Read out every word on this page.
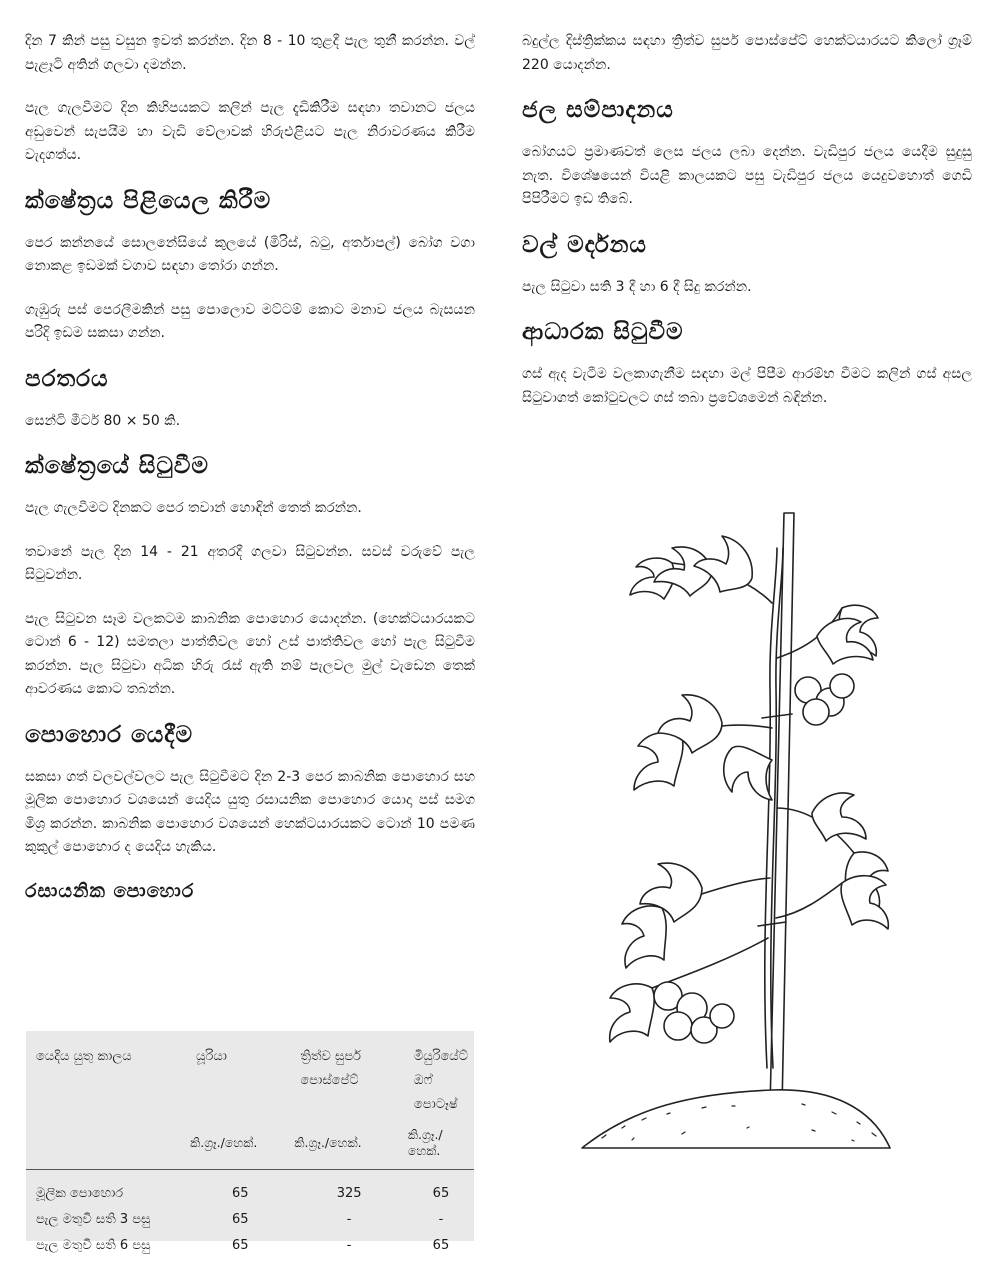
දින 7 කින් පසු වසුන ඉවත් කරන්න. දින 8 - 10 තුළදී පැල තුනී කරන්න. වල් පැළෑටි අතින් ගලවා දමන්න.

පැල ගැලවීමට දින කිහිපයකට කලින් පැල දැඩිකිරීම සඳහා තවානට ජලය අඩුවෙන් සැපයීම හා වැඩි වේලාවක් හිරුඑළියට පැල නිරාවරණය කිරීම වැදගත්ය.

ක්ෂේත්‍රය පිළියෙල කිරීම

පෙර කන්නයේ සොලනේසියේ කුලයේ (මිරිස්, බටු, අර්තාපල්) බෝග වගා නොකළ ඉඩමක් වගාව සඳහා තෝරා ගන්න.

ගැඹුරු පස් පෙරලීමකින් පසු පොලොව මට්ටම් කොට මනාව ජලය බැසයන පරිදි ඉඩම සකසා ගන්න.

පරතරය

සෙන්ටි මීටර් 80 × 50 කි.

ක්ෂේත්‍රයේ සිටුවීම

පැල ගැලවීමට දිනකට පෙර තවාන් හොඳින් තෙත් කරන්න.

තවානේ පැල දින 14 - 21 අතරදී ගලවා සිටුවන්න. සවස් වරුවේ පැල සිටුවන්න.

පැල සිටුවන සෑම වලකටම කාබනික පොහොර යොදන්න. (හෙක්ටයාරයකට ටොන් 6 - 12) සමතලා පාත්තිවල හෝ උස් පාත්තිවල හෝ පැල සිටුවීම කරන්න. පැල සිටුවා අධික හිරු රැස් ඇති නම් පැලවල මුල් වැඩෙන තෙක් ආවරණය කොට තබන්න.

පොහොර යෙදීම

සකසා ගත් වලවල්වලට පැල සිටුවීමට දින 2-3 පෙර කාබනික පොහොර සහ මූලික පොහොර වශයෙන් යෙදිය යුතු රසායනික පොහොර යොදා පස් සමග මිශ්‍ර කරන්න. කාබනික පොහොර වශයෙන් හෙක්ටයාරයකට ටොන් 10 පමණ කුකුල් පොහොර ද යෙදිය හැකිය.

රසායනික පොහොර
යෙදිය යුතු කාලය	යූරියා	ත්‍රිත්ව සුපර් පොස්පේට්	මියුරියේට් ඔෆ් පොටෑෂ්
	කි.ග්‍රෑ./හෙක්.	කි.ග්‍රෑ./හෙක්.	කි.ග්‍රෑ./හෙක්.

මූලික පොහොර	65	325	65
පැල මතුවී සති 3 පසු	65	-	-
පැල මතුවී සති 6 පසු	65	-	65

බදුල්ල දිස්ත්‍රික්කය සඳහා ත්‍රිත්ව සුපර් පොස්පේට් හෙක්ටයාරයට කිලෝ ග්‍රෑම් 220 යොදන්න.

ජල සම්පාදනය

බෝගයට ප්‍රමාණවත් ලෙස ජලය ලබා දෙන්න. වැඩිපුර ජලය යෙදීම සුදුසු නැත. විශේෂයෙන් වියළි කාලයකට පසු වැඩිපුර ජලය යෙදුවහොත් ගෙඩි පිපිරීමට ඉඩ තිබේ.

වල් මර්දනය

පැල සිටුවා සති 3 දී හා 6 දී සිදු කරන්න.

ආධාරක සිටුවීම

ගස් ඇද වැටීම වලකාගැනීම සඳහා මල් පිපීම ආරම්භ වීමට කලින් ගස් අසල සිටුවාගත් කෝටුවලට ගස් තබා ප්‍රවේශමෙන් බඳින්න.
